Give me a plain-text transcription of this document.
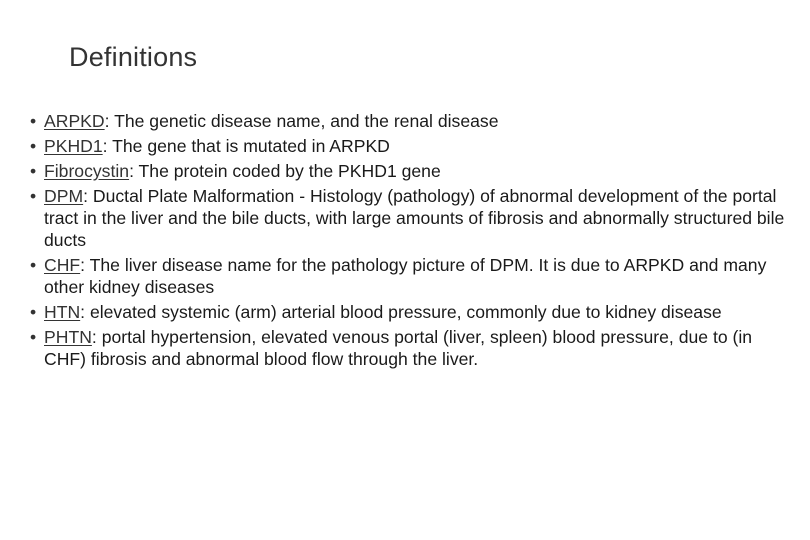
Definitions
• ARPKD: The genetic disease name, and the renal disease
• PKHD1: The gene that is mutated in ARPKD
• Fibrocystin: The protein coded by the PKHD1 gene
• DPM: Ductal Plate Malformation - Histology (pathology) of abnormal development of the portal tract in the liver and the bile ducts, with large amounts of fibrosis and abnormally structured bile ducts
• CHF: The liver disease name for the pathology picture of DPM. It is due to ARPKD and many other kidney diseases
• HTN: elevated systemic (arm) arterial blood pressure, commonly due to kidney disease
• PHTN: portal hypertension, elevated venous portal (liver, spleen) blood pressure, due to (in CHF) fibrosis and abnormal blood flow through the liver.
